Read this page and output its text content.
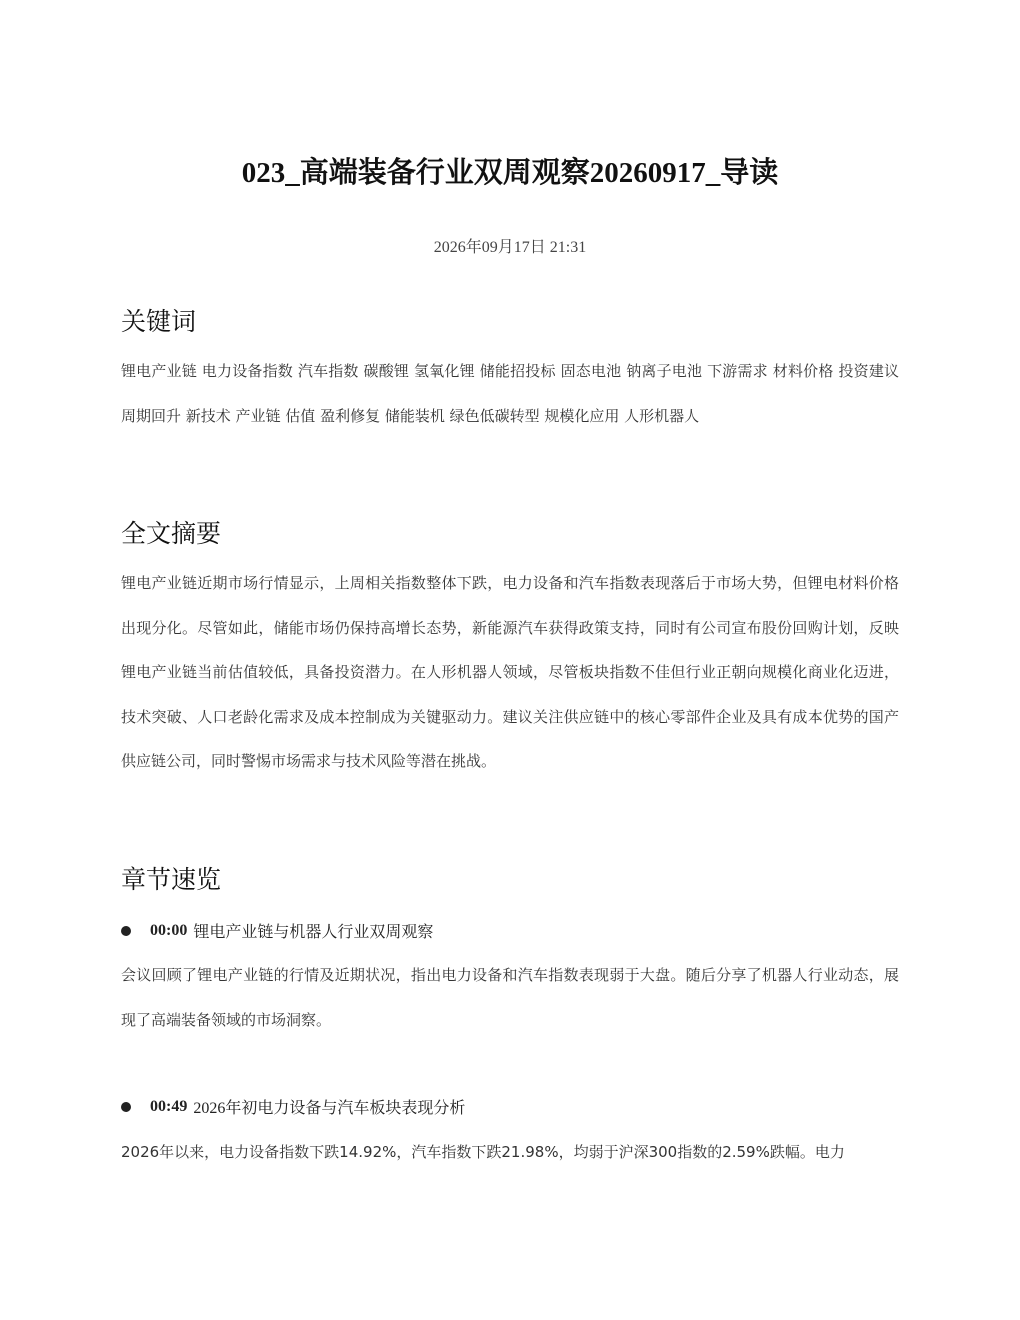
023_高端装备行业双周观察20260917_导读
2026年09月17日 21:31
关键词
锂电产业链 电力设备指数 汽车指数 碳酸锂 氢氧化锂 储能招投标 固态电池 钠离子电池 下游需求 材料价格 投资建议 周期回升 新技术 产业链 估值 盈利修复 储能装机 绿色低碳转型 规模化应用 人形机器人
全文摘要
锂电产业链近期市场行情显示，上周相关指数整体下跌，电力设备和汽车指数表现落后于市场大势，但锂电材料价格出现分化。尽管如此，储能市场仍保持高增长态势，新能源汽车获得政策支持，同时有公司宣布股份回购计划，反映锂电产业链当前估值较低，具备投资潜力。在人形机器人领域，尽管板块指数不佳但行业正朝向规模化商业化迈进，技术突破、人口老龄化需求及成本控制成为关键驱动力。建议关注供应链中的核心零部件企业及具有成本优势的国产供应链公司，同时警惕市场需求与技术风险等潜在挑战。
章节速览
00:00 锂电产业链与机器人行业双周观察
会议回顾了锂电产业链的行情及近期状况，指出电力设备和汽车指数表现弱于大盘。随后分享了机器人行业动态，展现了高端装备领域的市场洞察。
00:49 2026年初电力设备与汽车板块表现分析
2026年以来，电力设备指数下跌14.92%，汽车指数下跌21.98%，均弱于沪深300指数的2.59%跌幅。电力
